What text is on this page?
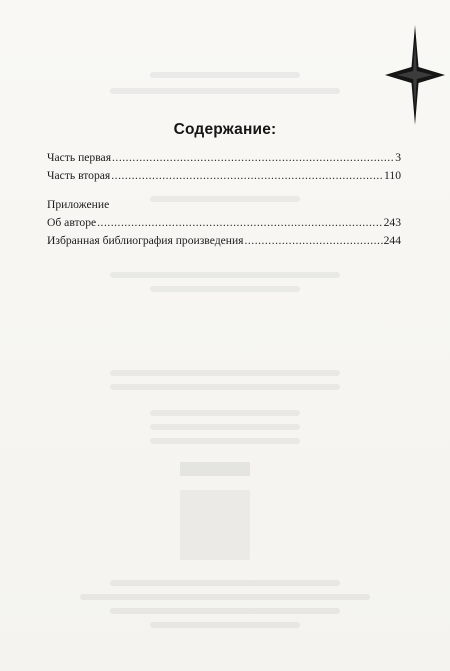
Содержание:
Часть первая .....	3
Часть вторая .....	110
Приложение
Об авторе .....	243
Избранная библиография произведения .....	244
